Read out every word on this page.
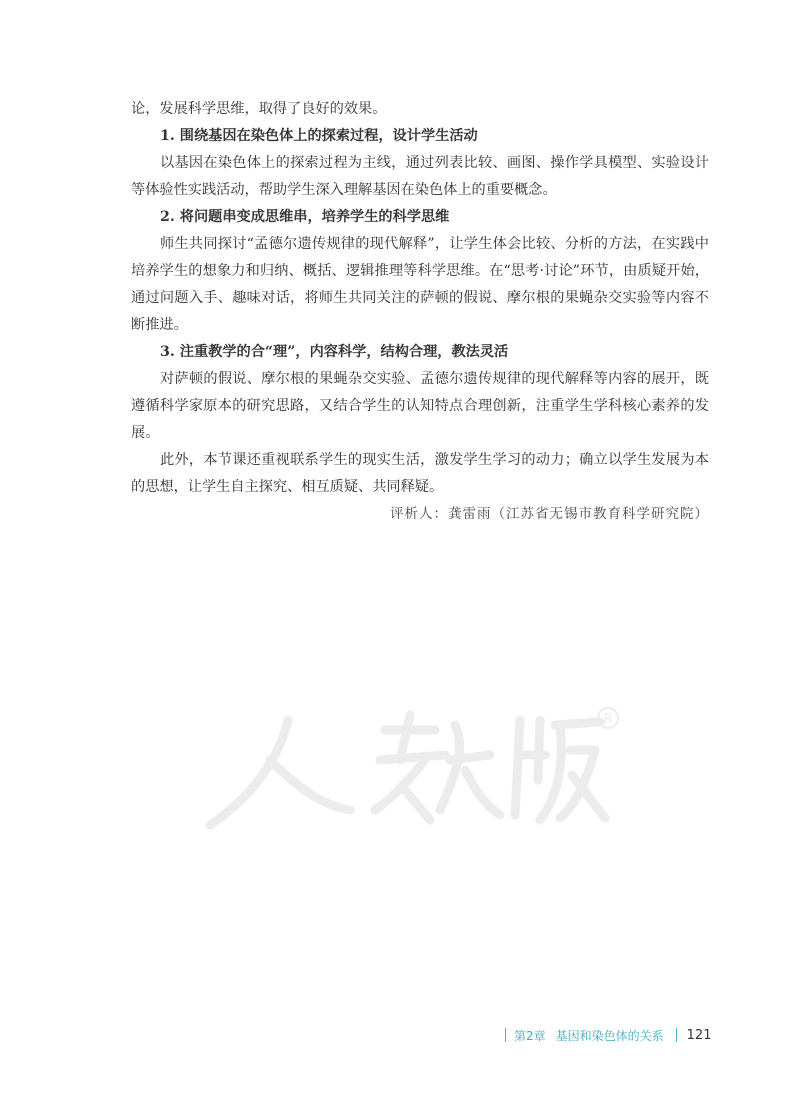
论，发展科学思维，取得了良好的效果。

1. 围绕基因在染色体上的探索过程，设计学生活动

以基因在染色体上的探索过程为主线，通过列表比较、画图、操作学具模型、实验设计等体验性实践活动，帮助学生深入理解基因在染色体上的重要概念。

2. 将问题串变成思维串，培养学生的科学思维

师生共同探讨“孟德尔遗传规律的现代解释”，让学生体会比较、分析的方法，在实践中培养学生的想象力和归纳、概括、逻辑推理等科学思维。在“思考·讨论”环节，由质疑开始，通过问题入手、趣味对话，将师生共同关注的萨顿的假说、摩尔根的果蝇杂交实验等内容不断推进。

3. 注重教学的合“理”，内容科学，结构合理，教法灵活

对萨顿的假说、摩尔根的果蝇杂交实验、孟德尔遗传规律的现代解释等内容的展开，既遵循科学家原本的研究思路，又结合学生的认知特点合理创新，注重学生学科核心素养的发展。

此外，本节课还重视联系学生的现实生活，激发学生学习的动力；确立以学生发展为本的思想，让学生自主探究、相互质疑、共同释疑。

评析人：龚雷雨（江苏省无锡市教育科学研究院）

R
第2章 基因和染色体的关系 121
